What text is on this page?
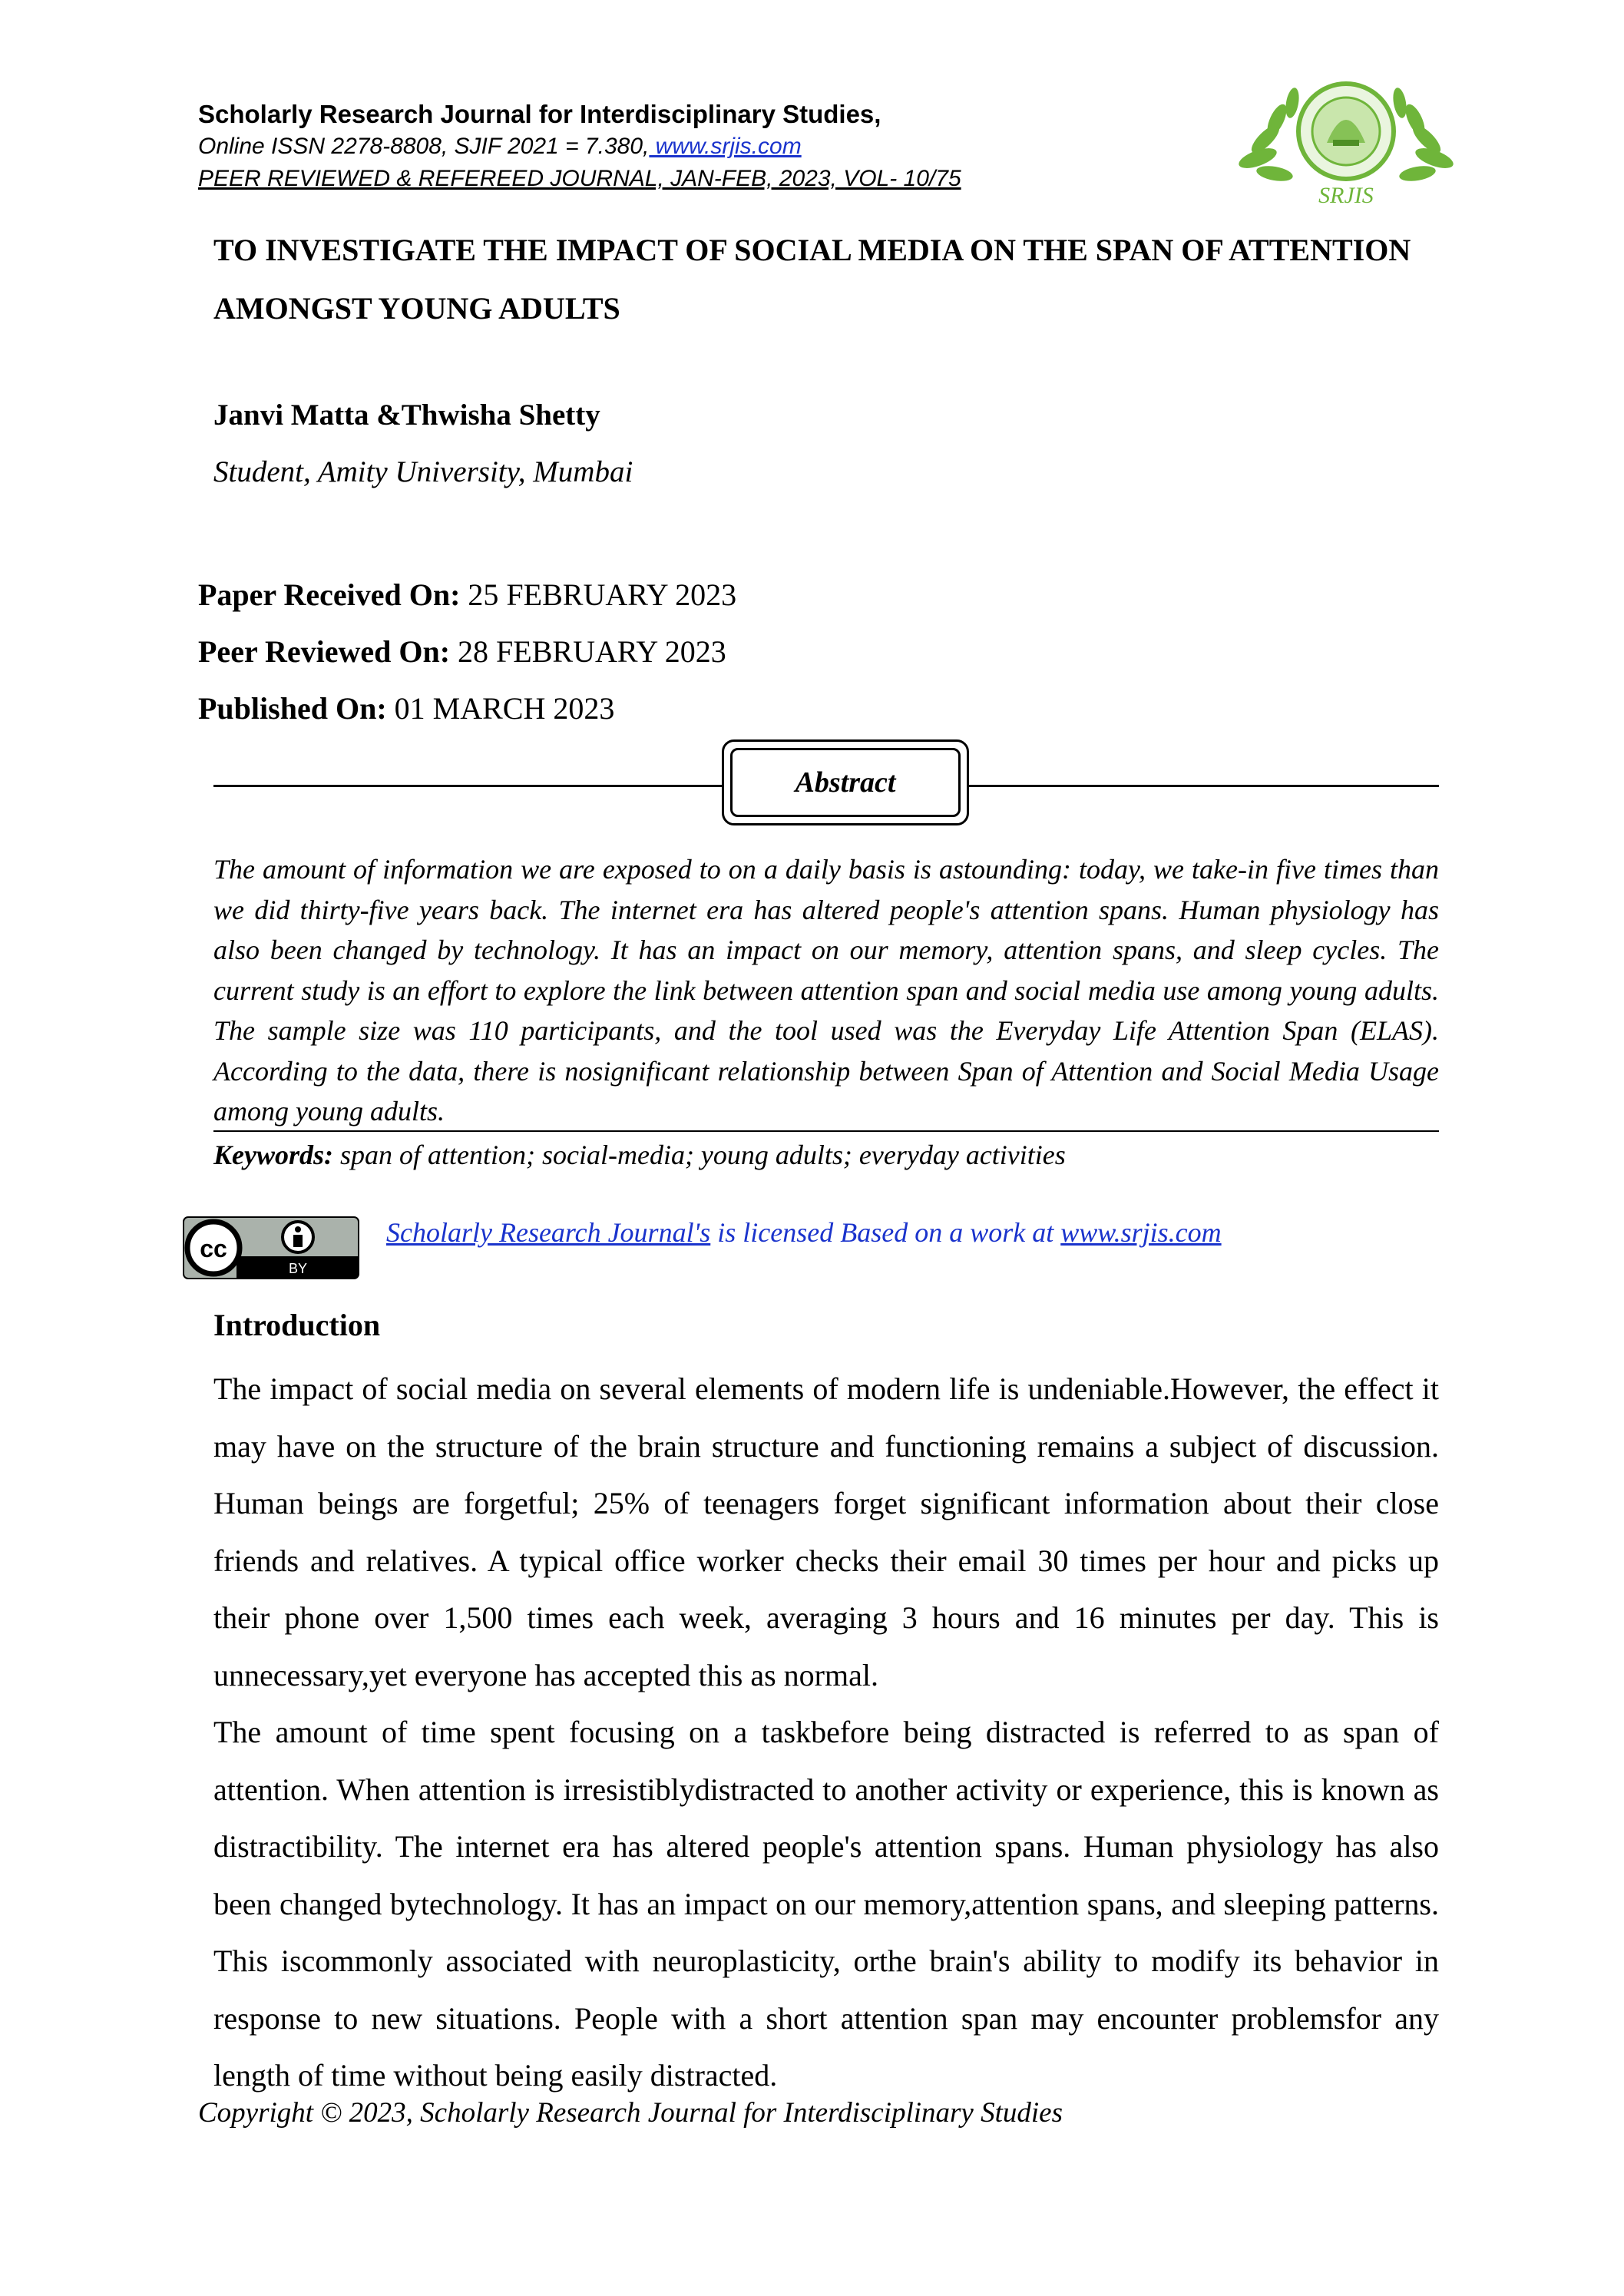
Scholarly Research Journal for Interdisciplinary Studies,

Online ISSN 2278-8808, SJIF 2021 = 7.380, www.srjis.com

PEER REVIEWED & REFEREED JOURNAL, JAN-FEB, 2023, VOL- 10/75

SRJIS

TO INVESTIGATE THE IMPACT OF SOCIAL MEDIA ON THE SPAN OF ATTENTION AMONGST YOUNG ADULTS

Janvi Matta &Thwisha Shetty

Student, Amity University, Mumbai

Paper Received On: 25 FEBRUARY 2023

Peer Reviewed On: 28 FEBRUARY 2023

Published On: 01 MARCH 2023

Abstract

The amount of information we are exposed to on a daily basis is astounding: today, we take-in five times than we did thirty-five years back. The internet era has altered people's attention spans. Human physiology has also been changed by technology. It has an impact on our memory, attention spans, and sleep cycles. The current study is an effort to explore the link between attention span and social media use among young adults. The sample size was 110 participants, and the tool used was the Everyday Life Attention Span (ELAS). According to the data, there is nosignificant relationship between Span of Attention and Social Media Usage among young adults.

Keywords: span of attention; social-media; young adults; everyday activities

cc
BY

Scholarly Research Journal's is licensed Based on a work at www.srjis.com

Introduction

The impact of social media on several elements of modern life is undeniable.However, the effect it may have on the structure of the brain structure and functioning remains a subject of discussion. Human beings are forgetful; 25% of teenagers forget significant information about their close friends and relatives. A typical office worker checks their email 30 times per hour and picks up their phone over 1,500 times each week, averaging 3 hours and 16 minutes per day. This is unnecessary,yet everyone has accepted this as normal.

The amount of time spent focusing on a taskbefore being distracted is referred to as span of attention. When attention is irresistiblydistracted to another activity or experience, this is known as distractibility. The internet era has altered people's attention spans. Human physiology has also been changed bytechnology. It has an impact on our memory,attention spans, and sleeping patterns. This iscommonly associated with neuroplasticity, orthe brain's ability to modify its behavior in response to new situations. People with a short attention span may encounter problemsfor any length of time without being easily distracted.

Copyright © 2023, Scholarly Research Journal for Interdisciplinary Studies
